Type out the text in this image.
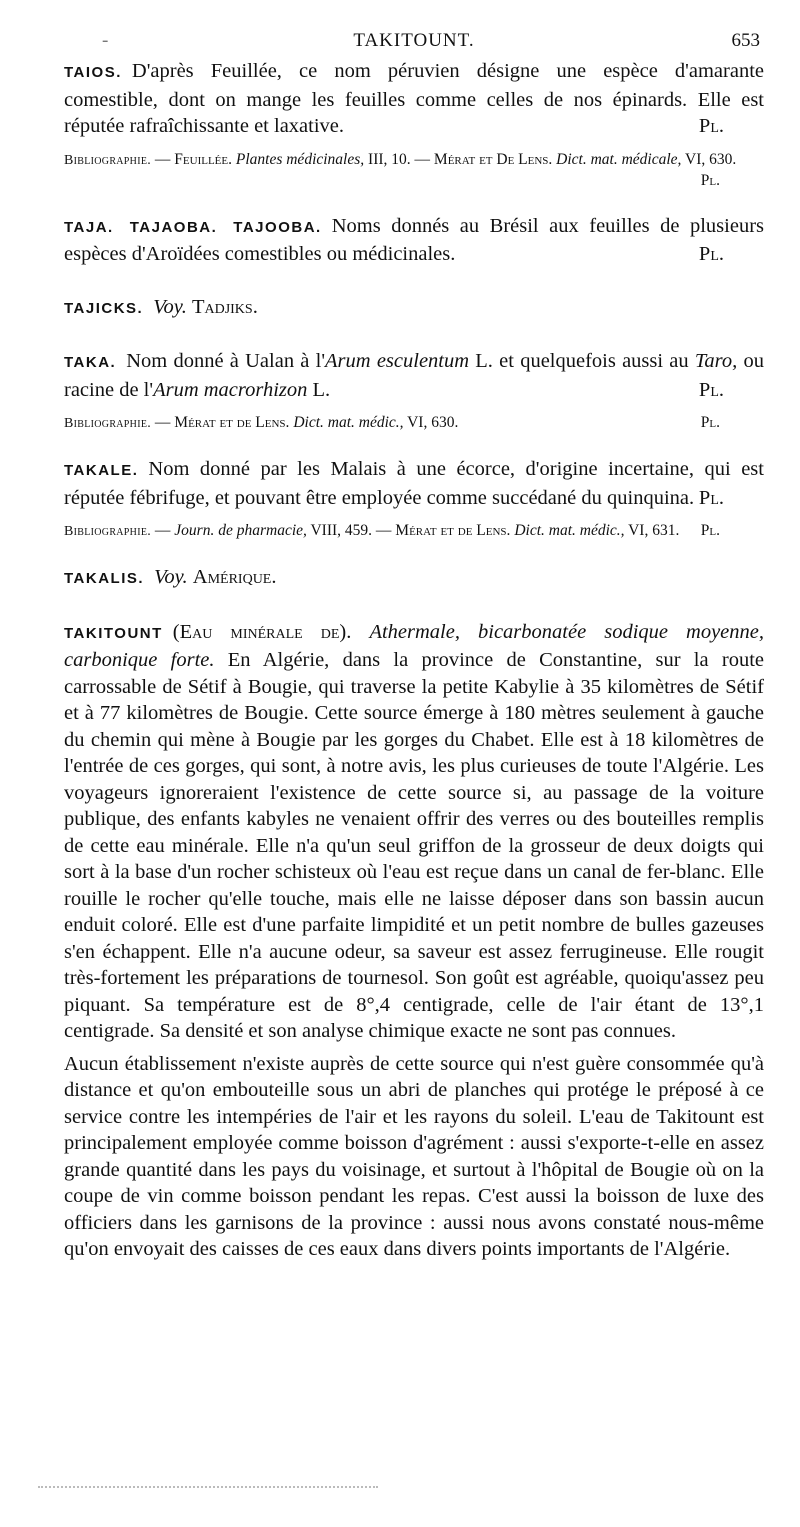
-	TAKITOUNT.	653

TAIOS. D'après Feuillée, ce nom péruvien désigne une espèce d'amarante comestible, dont on mange les feuilles comme celles de nos épinards. Elle est réputée rafraîchissante et laxative.	Pl.

Bibliographie. — Feuillée. Plantes médicinales, III, 10. — Mérat et De Lens. Dict. mat. médicale, VI, 630.
Pl.

TAJA. TAJAOBA. TAJOOBA. Noms donnés au Brésil aux feuilles de plusieurs espèces d'Aroïdées comestibles ou médicinales.	Pl.

TAJICKS. Voy. Tadjiks.

TAKA. Nom donné à Ualan à l'Arum esculentum L. et quelquefois aussi au Taro, ou racine de l'Arum macrorhizon L.	Pl.

Bibliographie. — Mérat et de Lens. Dict. mat. médic., VI, 630.	Pl.

TAKALE. Nom donné par les Malais à une écorce, d'origine incertaine, qui est réputée fébrifuge, et pouvant être employée comme succédané du quinquina. Pl.

Bibliographie. — Journ. de pharmacie, VIII, 459. — Mérat et de Lens. Dict. mat. médic., VI, 631. Pl.

TAKALIS. Voy. Amérique.

TAKITOUNT (Eau minérale de). Athermale, bicarbonatée sodique moyenne, carbonique forte. En Algérie, dans la province de Constantine, sur la route carrossable de Sétif à Bougie, qui traverse la petite Kabylie à 35 kilomètres de Sétif et à 77 kilomètres de Bougie. Cette source émerge à 180 mètres seulement à gauche du chemin qui mène à Bougie par les gorges du Chabet. Elle est à 18 kilomètres de l'entrée de ces gorges, qui sont, à notre avis, les plus curieuses de toute l'Algérie. Les voyageurs ignoreraient l'existence de cette source si, au passage de la voiture publique, des enfants kabyles ne venaient offrir des verres ou des bouteilles remplis de cette eau minérale. Elle n'a qu'un seul griffon de la grosseur de deux doigts qui sort à la base d'un rocher schisteux où l'eau est reçue dans un canal de fer-blanc. Elle rouille le rocher qu'elle touche, mais elle ne laisse déposer dans son bassin aucun enduit coloré. Elle est d'une parfaite limpidité et un petit nombre de bulles gazeuses s'en échappent. Elle n'a aucune odeur, sa saveur est assez ferrugineuse. Elle rougit très-fortement les préparations de tournesol. Son goût est agréable, quoiqu'assez peu piquant. Sa température est de 8°,4 centigrade, celle de l'air étant de 13°,1 centigrade. Sa densité et son analyse chimique exacte ne sont pas connues.

Aucun établissement n'existe auprès de cette source qui n'est guère consommée qu'à distance et qu'on embouteille sous un abri de planches qui protége le préposé à ce service contre les intempéries de l'air et les rayons du soleil. L'eau de Takitount est principalement employée comme boisson d'agrément : aussi s'exporte-t-elle en assez grande quantité dans les pays du voisinage, et surtout à l'hôpital de Bougie où on la coupe de vin comme boisson pendant les repas. C'est aussi la boisson de luxe des officiers dans les garnisons de la province : aussi nous avons constaté nous-même qu'on envoyait des caisses de ces eaux dans divers points importants de l'Algérie.
